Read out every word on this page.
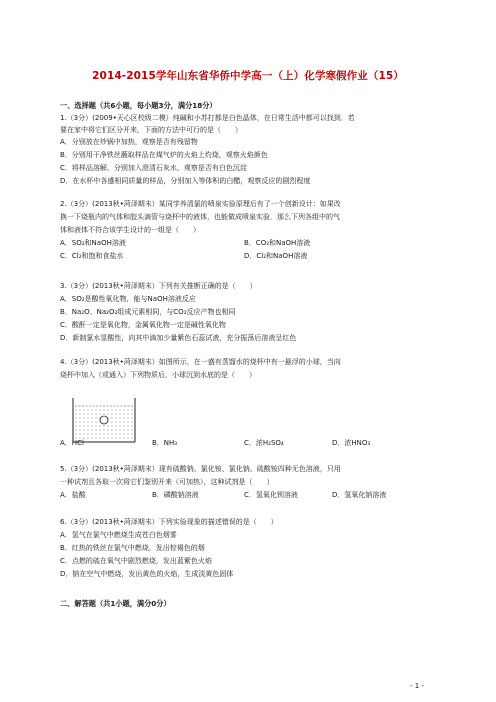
2014-2015学年山东省华侨中学高一（上）化学寒假作业（15）
一、选择题（共6小题，每小题3分，满分18分）
1.（3分）(2009•天心区校级二模）纯碱和小苏打都是白色晶体，在日常生活中都可以找到．若
要在家中将它们区分开来，下面的方法中可行的是（　　）
A．分别放在炒锅中加热，观察是否有残留物
B．分别用干净铁丝蘸取样品在煤气炉的火焰上灼烧，观察火焰颜色
C．将样品溶解，分别加入澄清石灰水，观察是否有白色沉淀
D．在水杯中各盛相同质量的样品，分别加入等体积的白醋，观察反应的剧烈程度
2.（3分）(2013秋•菏泽期末）某同学养清氯的喷泉实验原理后有了一个创新设计：如果改
换一下烧瓶内的气体和胶头滴管与烧杯中的液体，也能做成喷泉实验．那么下列各组中的气
体和液体不符合该学生设计的一组是（　　）
A．SO₂和NaOH溶液	B．CO₂和NaOH溶液
C．Cl₂和饱和食盐水	D．Cl₂和NaOH溶液
3.（3分）(2013秋•菏泽期末）下列有关推断正确的是（　　）
A．SO₂是酸性氧化物，能与NaOH溶液反应
B．Na₂O、Na₂O₂组成元素相同，与CO₂反应产物也相同
C．酸酐一定是氧化物，金属氧化物一定是碱性氧化物
D．新制氯水显酸性，向其中滴加少量紫色石蕊试液，充分振荡后溶液呈红色
4.（3分）(2013秋•菏泽期末）如图所示，在一盛有蒸馏水的烧杯中有一悬浮的小球，当向
烧杯中加入（或通入）下列物质后，小球沉到水底的是（　　）
A．HCl	B．NH₃	C．浓H₂SO₄	D．浓HNO₃
5.（3分）(2013秋•菏泽期末）现有硫酸钠、氯化铵、氯化钠、硫酸铵四种无色溶液，只用
一种试剂且各取一次将它们鉴别开来（可加热），这种试剂是（　　）
A．盐酸	B．磷酸钠溶液	C．氢氧化钡溶液	D．氢氧化钠溶液
6.（3分）(2013秋•菏泽期末）下列实验现象的描述错误的是（　　）
A．氢气在氯气中燃烧生成苍白色烟雾
B．红热的铁丝在氯气中燃烧，发出棕褐色的烟
C．点燃的硫在氧气中剧烈燃烧，发出蓝紫色火焰
D．钠在空气中燃烧，发出黄色的火焰，生成淡黄色固体
二、解答题（共1小题，满分0分）
- 1 -
